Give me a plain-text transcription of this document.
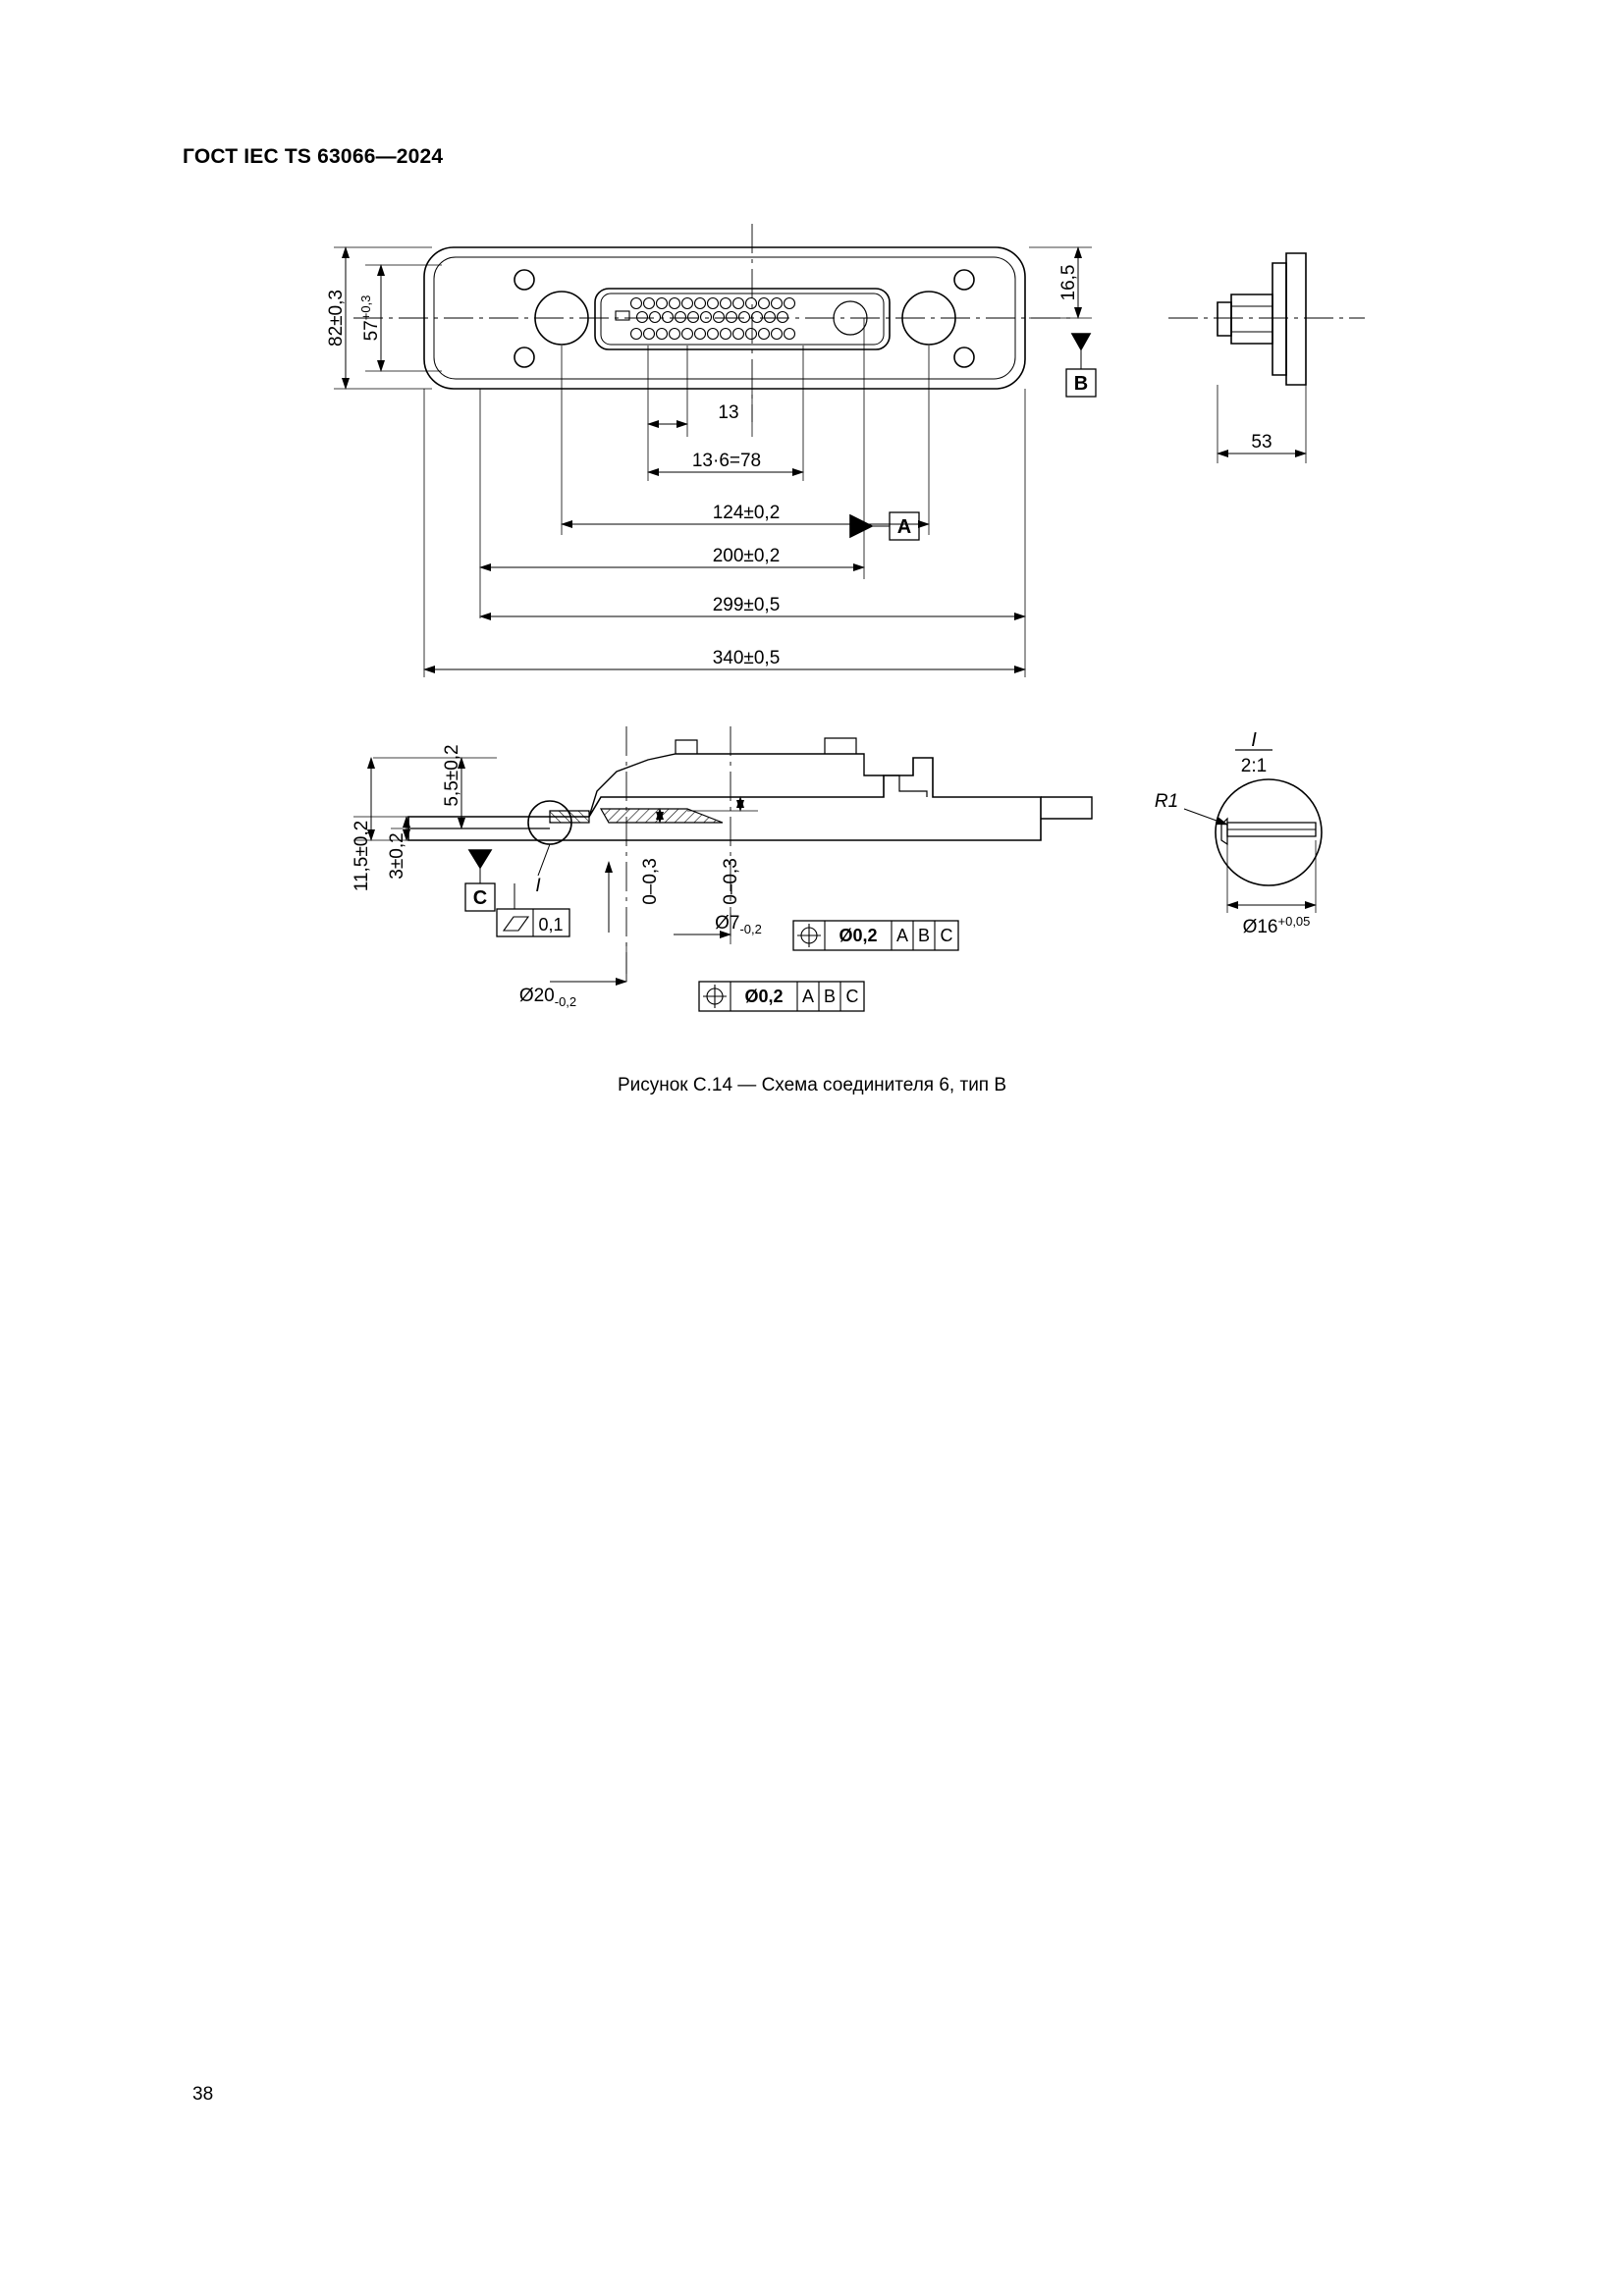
ГОСТ IEC TS 63066—2024
82±0,3 $57^{+0,3}$
16,5
13
13·6=78
124±0,2
200±0,2
299±0,5
340±0,5
A
B
C
53
5,5±0,2
11,5±0,2 3±0,2
0–0,3	0–0,3
$Ø7_{-0,2}$
$Ø20_{-0,2}$
0,1
Ø0,2 A B C
Ø0,2 A B C
I
I
2:1
R1
$Ø16^{+0,05}$
Рисунок С.14 — Схема соединителя 6, тип В
38
